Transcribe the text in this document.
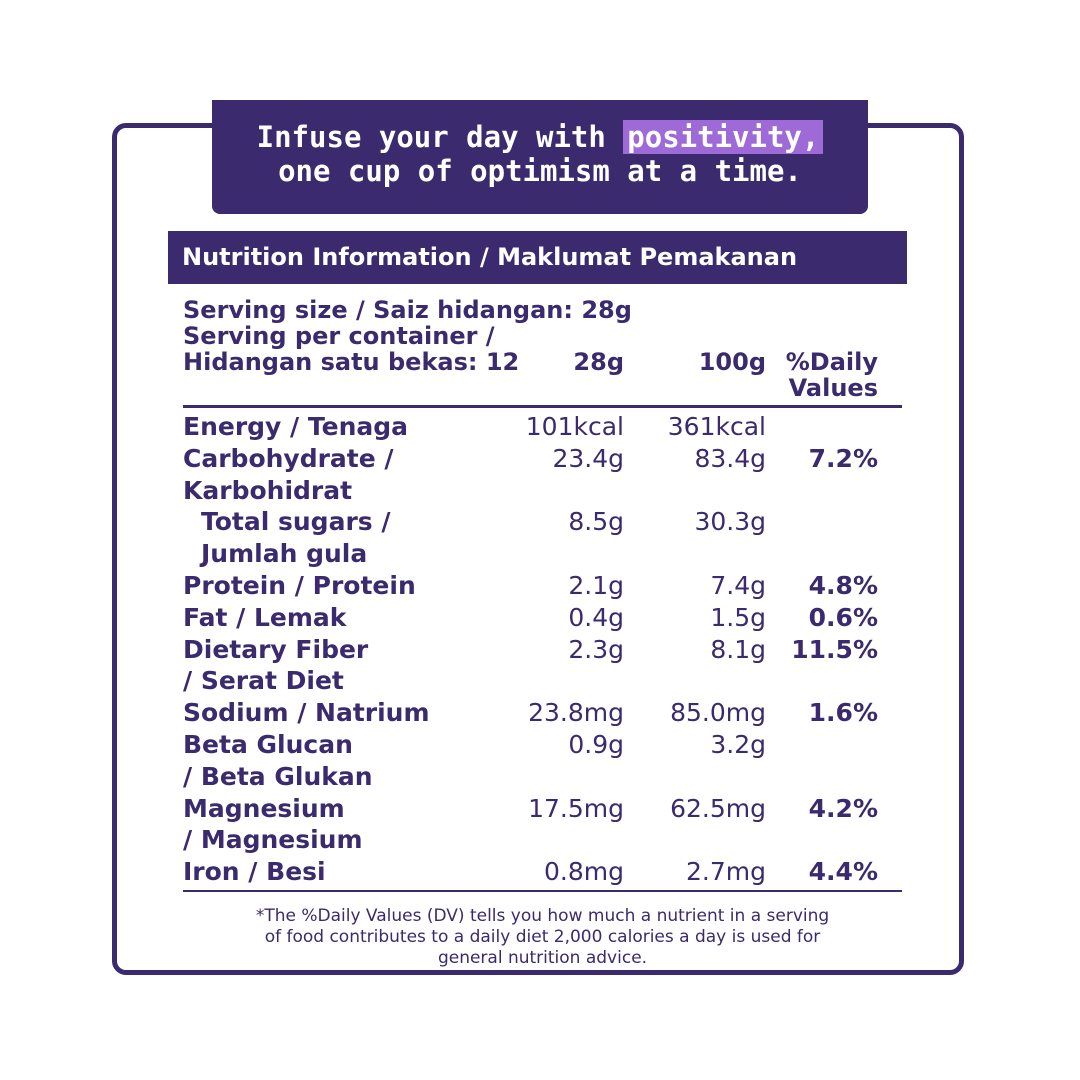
Infuse your day with positivity,
one cup of optimism at a time.
Nutrition Information / Maklumat Pemakanan
Serving size / Saiz hidangan: 28g
Serving per container /
Hidangan satu bekas: 12 28g	100g %Daily
Values
Energy / Tenaga	101kcal 361kcal
Carbohydrate /	23.4g	83.4g 7.2%
Karbohidrat
Total sugars /	8.5g	30.3g
Jumlah gula
Protein / Protein	2.1g	7.4g 4.8%
Fat / Lemak	0.4g	1.5g 0.6%
Dietary Fiber	2.3g	8.1g 11.5%
/ Serat Diet
Sodium / Natrium	23.8mg 85.0mg 1.6%
Beta Glucan	0.9g	3.2g
/ Beta Glukan
Magnesium	17.5mg 62.5mg 4.2%
/ Magnesium
Iron / Besi	0.8mg 2.7mg 4.4%
*The %Daily Values (DV) tells you how much a nutrient in a serving
of food contributes to a daily diet 2,000 calories a day is used for
general nutrition advice.
